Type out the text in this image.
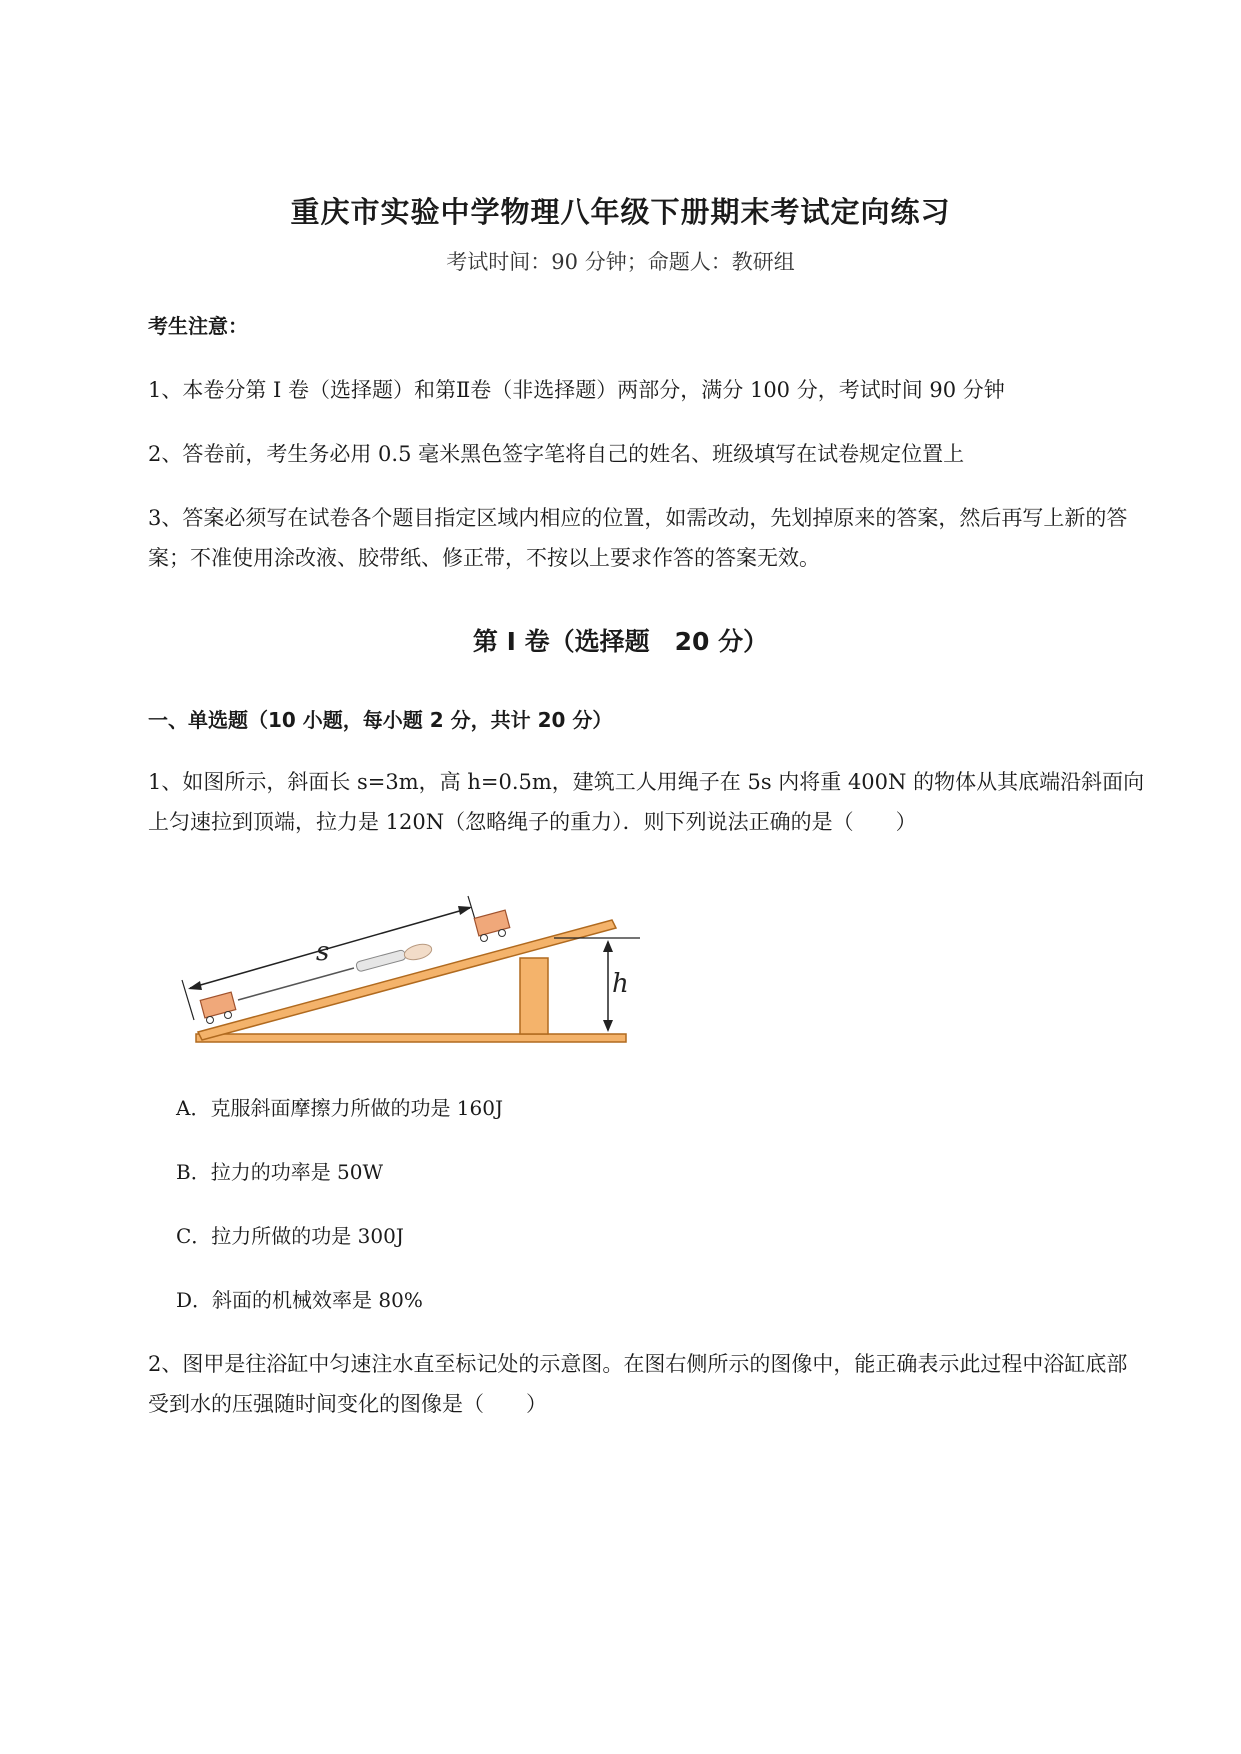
重庆市实验中学物理八年级下册期末考试定向练习
考试时间：90 分钟；命题人：教研组
考生注意：
1、本卷分第 I 卷（选择题）和第Ⅱ卷（非选择题）两部分，满分 100 分，考试时间 90 分钟
2、答卷前，考生务必用 0.5 毫米黑色签字笔将自己的姓名、班级填写在试卷规定位置上
3、答案必须写在试卷各个题目指定区域内相应的位置，如需改动，先划掉原来的答案，然后再写上新的答案；不准使用涂改液、胶带纸、修正带，不按以上要求作答的答案无效。
第 I 卷（选择题　20 分）
一、单选题（10 小题，每小题 2 分，共计 20 分）
1、如图所示，斜面长 s=3m，高 h=0.5m，建筑工人用绳子在 5s 内将重 400N 的物体从其底端沿斜面向上匀速拉到顶端，拉力是 120N（忽略绳子的重力）．则下列说法正确的是（　　）
h
s
A．克服斜面摩擦力所做的功是 160J
B．拉力的功率是 50W
C．拉力所做的功是 300J
D．斜面的机械效率是 80%
2、图甲是往浴缸中匀速注水直至标记处的示意图。在图右侧所示的图像中，能正确表示此过程中浴缸底部受到水的压强随时间变化的图像是（　　）
